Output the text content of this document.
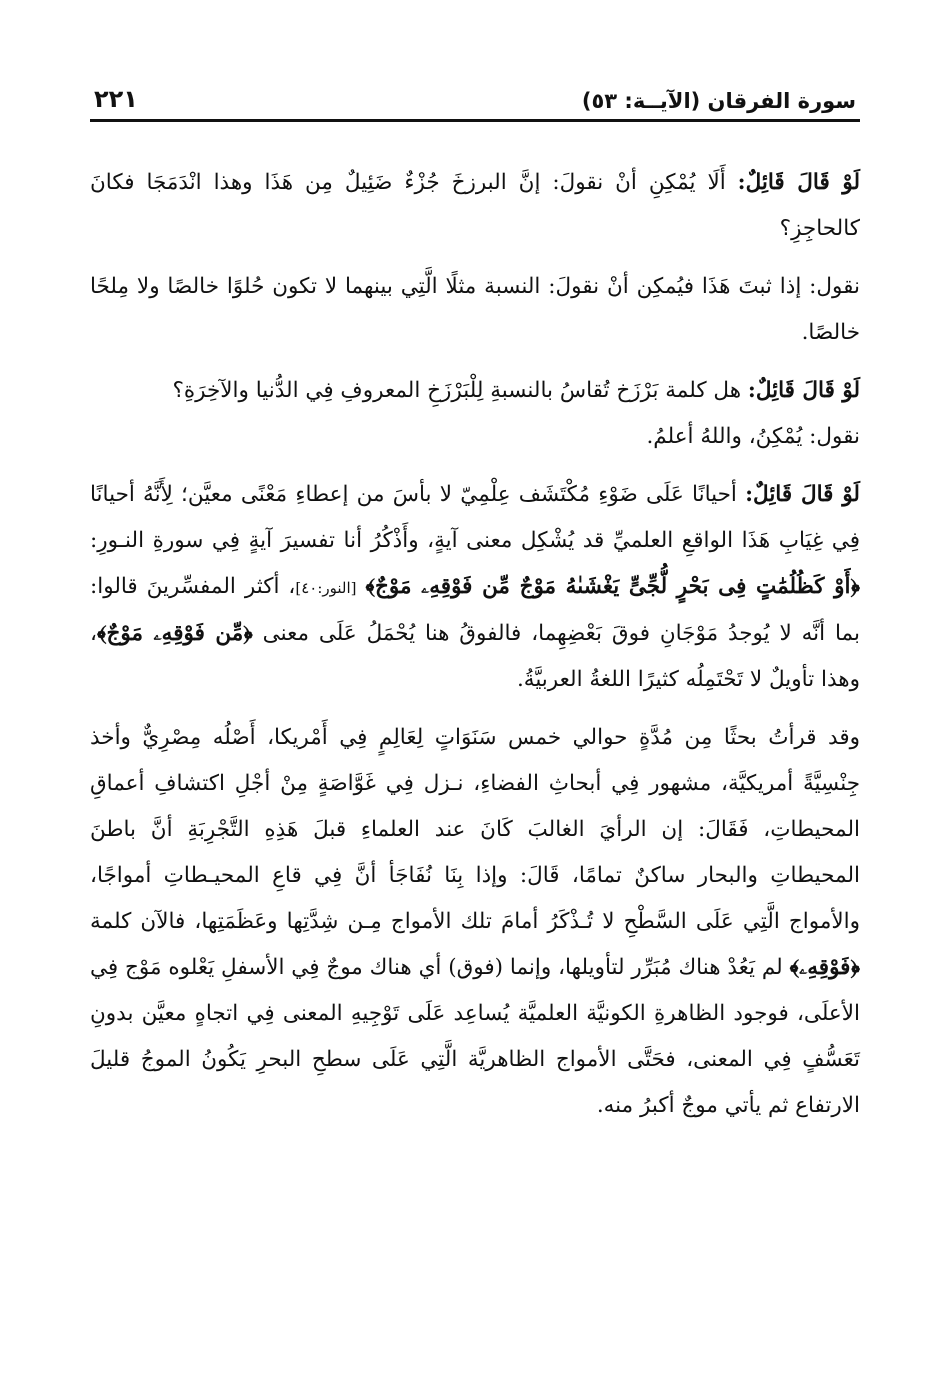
سورة الفرقان (الآيــة: ٥٣)
٢٢١

لَوْ قَالَ قَائِلٌ: أَلَا يُمْكِنِ أنْ نقولَ: إنَّ البرزخَ جُزْءٌ ضَئِيلٌ مِن هَذَا وهذا انْدَمَجَا فكانَ كالحاجِزِ؟

نقول: إذا ثبتَ هَذَا فيُمكِن أنْ نقولَ: النسبة مثلًا الَّتِي بينهما لا تكون حُلوًا خالصًا ولا مِلحًا خالصًا.

لَوْ قَالَ قَائِلٌ: هل كلمة بَرْزَخ تُقاسُ بالنسبةِ لِلْبَرْزَخِ المعروفِ فِي الدُّنيا والآخِرَةِ؟

نقول: يُمْكِنُ، واللهُ أعلمُ.

لَوْ قَالَ قَائِلٌ: أحيانًا عَلَى ضَوْءِ مُكْتَشَف عِلْمِيّ لا بأسَ من إعطاءِ مَعْنًى معيَّن؛ لِأَنَّهُ أحيانًا فِي غِيَابِ هَذَا الواقعِ العلميِّ قد يُشْكِل معنى آيةٍ، وأَذْكُرُ أنا تفسيرَ آيةٍ فِي سورةِ النـورِ: ﴿أَوْ كَظُلُمَٰتٍ فِى بَحْرٍ لُّجِّىٍّ يَغْشَىٰهُ مَوْجٌ مِّن فَوْقِهِۦ مَوْجٌ﴾ [النور:٤٠]، أكثر المفسِّرينَ قالوا: بما أنَّه لا يُوجدُ مَوْجَانِ فوقَ بَعْضِهِما، فالفوقُ هنا يُحْمَلُ عَلَى معنى ﴿مِّن فَوْقِهِۦ مَوْجٌ﴾، وهذا تأويلٌ لا تَحْتَمِلُه كثيرًا اللغةُ العربيَّةُ.

وقد قرأتُ بحثًا مِن مُدَّةٍ حوالي خمس سَنَوَاتٍ لِعَالِمٍ فِي أَمْريكا، أَصْلُه مِصْرِيٌّ وأخذ جِنْسِيَّةً أمريكيَّة، مشهور فِي أبحاثِ الفضاءِ، نـزل فِي غَوَّاصَةٍ مِنْ أجْلِ اكتشافِ أعماقِ المحيطاتِ، فَقَالَ: إن الرأيَ الغالبَ كَانَ عند العلماءِ قبلَ هَذِهِ التَّجْرِبَةِ أنَّ باطنَ المحيطاتِ والبحار ساكنٌ تمامًا، قَالَ: وإذا بِنَا نُفَاجَأ أنَّ فِي قاعِ المحيـطاتِ أمواجًا، والأمواج الَّتِي عَلَى السَّطْحِ لا تُـذْكَرُ أمامَ تلك الأمواج مِـن شِدَّتِها وعَظَمَتِها، فالآن كلمة ﴿فَوْقِهِۦ﴾ لم يَعُدْ هناك مُبَرِّر لتأويلها، وإنما (فوق) أي هناك موجٌ فِي الأسفلِ يَعْلوه مَوْج فِي الأعلَى، فوجود الظاهرةِ الكونيَّة العلميَّة يُساعِد عَلَى تَوْجِيهِ المعنى فِي اتجاهٍ معيَّن بدونِ تَعَسُّفٍ فِي المعنى، فحَتَّى الأمواج الظاهريَّة الَّتِي عَلَى سطحِ البحرِ يَكُونُ الموجُ قليلَ الارتفاع ثم يأتي موجٌ أكبرُ منه.
